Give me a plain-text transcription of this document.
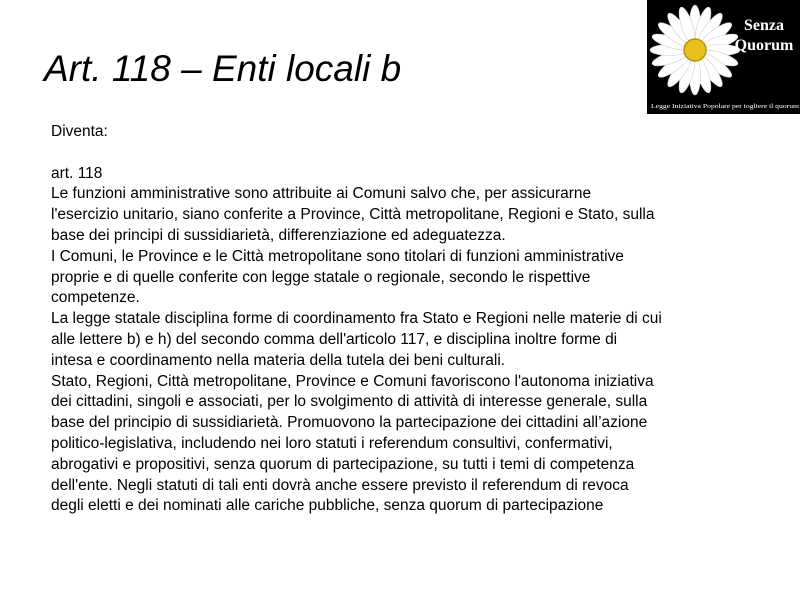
Art. 118 – Enti locali b
Senza
Quorum
Legge Iniziativa Popolare per togliere il quorum

Diventa:

art. 118

Le funzioni amministrative sono attribuite ai Comuni salvo che, per assicurarne
l'esercizio unitario, siano conferite a Province, Città metropolitane, Regioni e Stato, sulla
base dei principi di sussidiarietà, differenziazione ed adeguatezza.

I Comuni, le Province e le Città metropolitane sono titolari di funzioni amministrative
proprie e di quelle conferite con legge statale o regionale, secondo le rispettive
competenze.

La legge statale disciplina forme di coordinamento fra Stato e Regioni nelle materie di cui
alle lettere b) e h) del secondo comma dell'articolo 117, e disciplina inoltre forme di
intesa e coordinamento nella materia della tutela dei beni culturali.

Stato, Regioni, Città metropolitane, Province e Comuni favoriscono l'autonoma iniziativa
dei cittadini, singoli e associati, per lo svolgimento di attività di interesse generale, sulla
base del principio di sussidiarietà. Promuovono la partecipazione dei cittadini all’azione
politico-legislativa, includendo nei loro statuti i referendum consultivi, confermativi,
abrogativi e propositivi, senza quorum di partecipazione, su tutti i temi di competenza
dell'ente. Negli statuti di tali enti dovrà anche essere previsto il referendum di revoca
degli eletti e dei nominati alle cariche pubbliche, senza quorum di partecipazione
